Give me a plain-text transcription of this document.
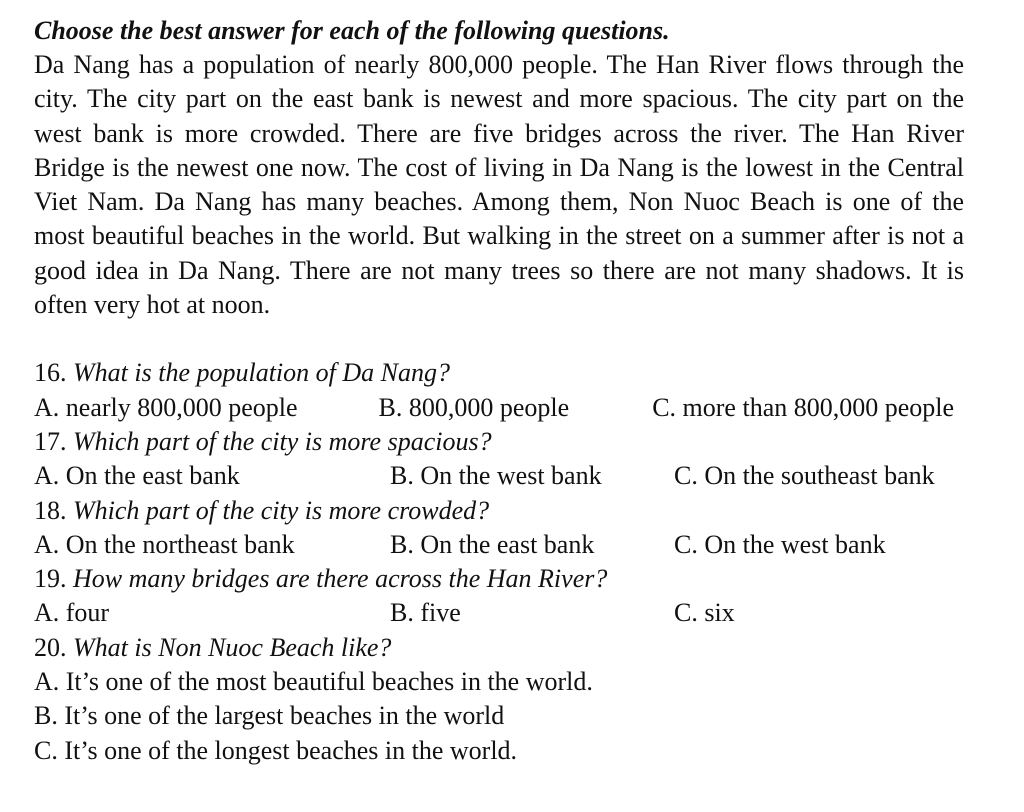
Choose the best answer for each of the following questions.

Da Nang has a population of nearly 800,000 people. The Han River flows through the city. The city part on the east bank is newest and more spacious. The city part on the west bank is more crowded. There are five bridges across the river. The Han River Bridge is the newest one now. The cost of living in Da Nang is the lowest in the Central Viet Nam. Da Nang has many beaches. Among them, Non Nuoc Beach is one of the most beautiful beaches in the world. But walking in the street on a summer after is not a good idea in Da Nang. There are not many trees so there are not many shadows. It is often very hot at noon.

16. What is the population of Da Nang?

A. nearly 800,000 people	B. 800,000 people	C. more than 800,000 people

17. Which part of the city is more spacious?
A. On the east bank	B. On the west bank	C. On the southeast bank
18. Which part of the city is more crowded?
A. On the northeast bank	B. On the east bank	C. On the west bank
19. How many bridges are there across the Han River?
A. four	B. five	C. six
20. What is Non Nuoc Beach like?
A. It’s one of the most beautiful beaches in the world.
B. It’s one of the largest beaches in the world
C. It’s one of the longest beaches in the world.
